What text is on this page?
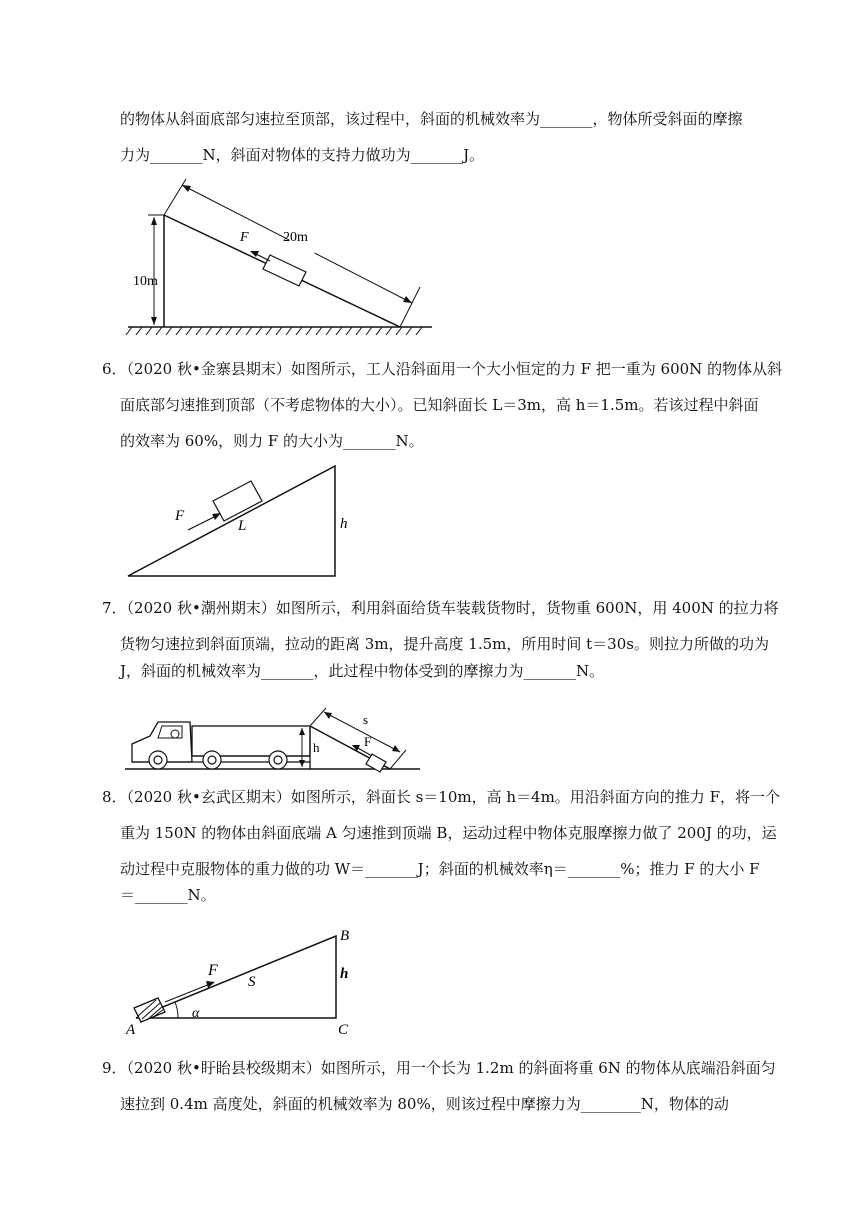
的物体从斜面底部匀速拉至顶部，该过程中，斜面的机械效率为_______，物体所受斜面的摩擦
力为_______N，斜面对物体的支持力做功为_______J。
10m
20m
F
6．（2020 秋•金寨县期末）如图所示，工人沿斜面用一个大小恒定的力 F 把一重为 600N 的物体从斜
面底部匀速推到顶部（不考虑物体的大小）。已知斜面长 L＝3m，高 h＝1.5m。若该过程中斜面
的效率为 60%，则力 F 的大小为_______N。
F
L	h
7．（2020 秋•潮州期末）如图所示，利用斜面给货车装载货物时，货物重 600N，用 400N 的拉力将
货物匀速拉到斜面顶端，拉动的距离 3m，提升高度 1.5m，所用时间 t＝30s。则拉力所做的功为
J，斜面的机械效率为_______，此过程中物体受到的摩擦力为_______N。
s
h	F
8．（2020 秋•玄武区期末）如图所示，斜面长 s＝10m，高 h＝4m。用沿斜面方向的推力 F，将一个
重为 150N 的物体由斜面底端 A 匀速推到顶端 B，运动过程中物体克服摩擦力做了 200J 的功，运
动过程中克服物体的重力做的功 W＝_______J；斜面的机械效率η＝_______%；推力 F 的大小 F
＝_______N。
F
S	h
B
C
A
α
9．（2020 秋•盱眙县校级期末）如图所示，用一个长为 1.2m 的斜面将重 6N 的物体从底端沿斜面匀
速拉到 0.4m 高度处，斜面的机械效率为 80%，则该过程中摩擦力为________N，物体的动
